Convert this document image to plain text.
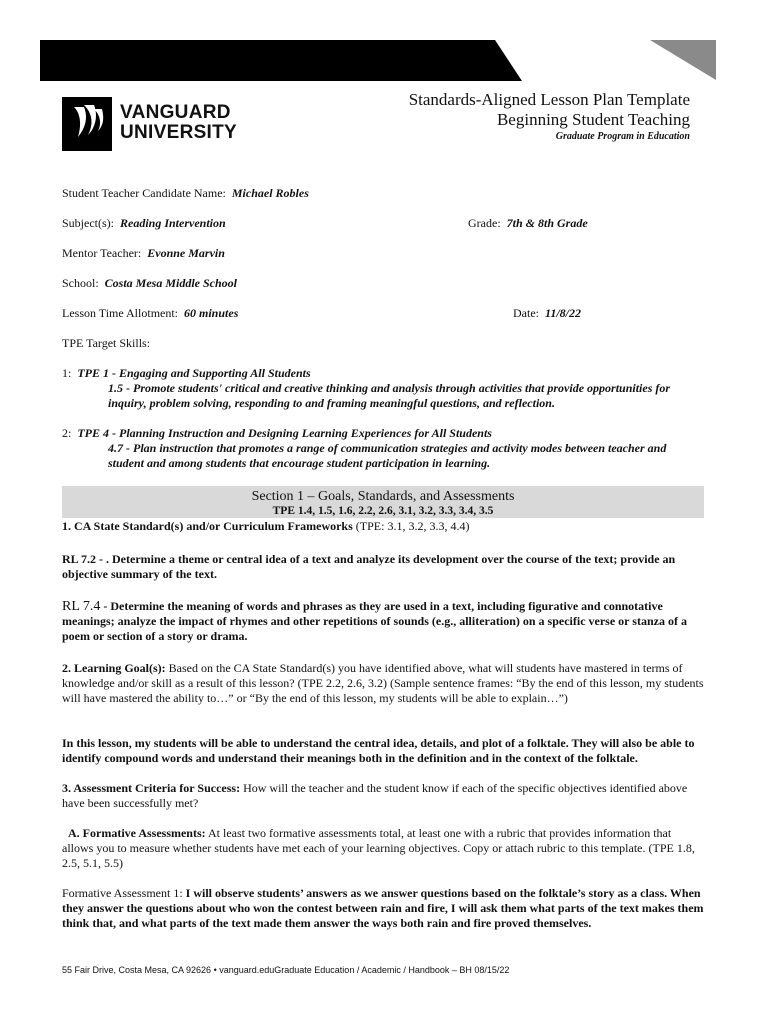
VANGUARD
UNIVERSITY
Standards-Aligned Lesson Plan Template
Beginning Student Teaching
Graduate Program in Education
Student Teacher Candidate Name: Michael Robles
Subject(s): Reading Intervention	Grade: 7th & 8th Grade
Mentor Teacher: Evonne Marvin
School: Costa Mesa Middle School
Lesson Time Allotment: 60 minutes	Date: 11/8/22
TPE Target Skills:
1: TPE 1 - Engaging and Supporting All Students
1.5 - Promote students' critical and creative thinking and analysis through activities that provide opportunities for inquiry, problem solving, responding to and framing meaningful questions, and reflection.
2: TPE 4 - Planning Instruction and Designing Learning Experiences for All Students
4.7 - Plan instruction that promotes a range of communication strategies and activity modes between teacher and student and among students that encourage student participation in learning.
Section 1 – Goals, Standards, and Assessments
TPE 1.4, 1.5, 1.6, 2.2, 2.6, 3.1, 3.2, 3.3, 3.4, 3.5
1. CA State Standard(s) and/or Curriculum Frameworks (TPE: 3.1, 3.2, 3.3, 4.4)
RL 7.2 - . Determine a theme or central idea of a text and analyze its development over the course of the text; provide an objective summary of the text.
RL 7.4 - Determine the meaning of words and phrases as they are used in a text, including figurative and connotative meanings; analyze the impact of rhymes and other repetitions of sounds (e.g., alliteration) on a specific verse or stanza of a poem or section of a story or drama.
2. Learning Goal(s): Based on the CA State Standard(s) you have identified above, what will students have mastered in terms of knowledge and/or skill as a result of this lesson? (TPE 2.2, 2.6, 3.2) (Sample sentence frames: “By the end of this lesson, my students will have mastered the ability to…” or “By the end of this lesson, my students will be able to explain…”)
In this lesson, my students will be able to understand the central idea, details, and plot of a folktale. They will also be able to identify compound words and understand their meanings both in the definition and in the context of the folktale.
3. Assessment Criteria for Success: How will the teacher and the student know if each of the specific objectives identified above have been successfully met?
A. Formative Assessments: At least two formative assessments total, at least one with a rubric that provides information that allows you to measure whether students have met each of your learning objectives. Copy or attach rubric to this template. (TPE 1.8, 2.5, 5.1, 5.5)
Formative Assessment 1: I will observe students’ answers as we answer questions based on the folktale’s story as a class. When they answer the questions about who won the contest between rain and fire, I will ask them what parts of the text makes them think that, and what parts of the text made them answer the ways both rain and fire proved themselves.
55 Fair Drive, Costa Mesa, CA 92626 • vanguard.eduGraduate Education / Academic / Handbook – BH 08/15/22
